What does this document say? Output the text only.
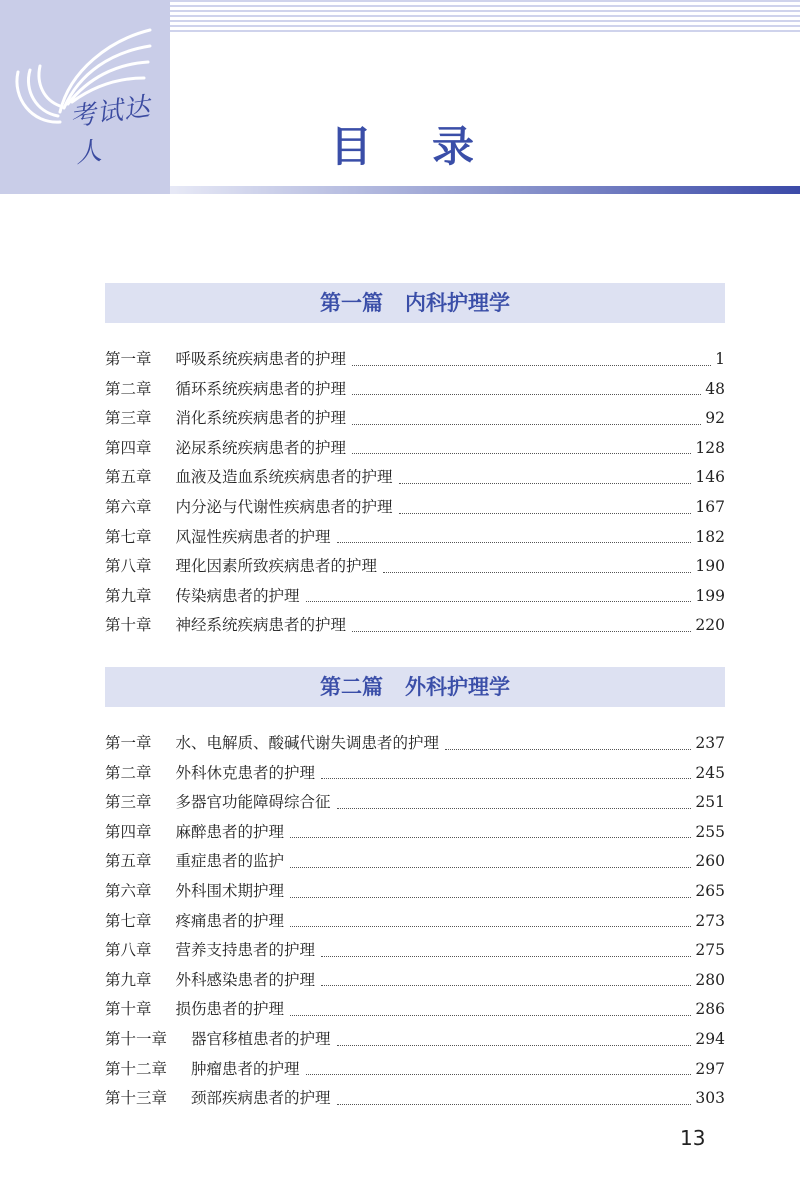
考试达人	目录
第一篇 内科护理学
第一章 呼吸系统疾病患者的护理	1
第二章 循环系统疾病患者的护理	48
第三章 消化系统疾病患者的护理	92
第四章 泌尿系统疾病患者的护理	128
第五章 血液及造血系统疾病患者的护理	146
第六章 内分泌与代谢性疾病患者的护理	167
第七章 风湿性疾病患者的护理	182
第八章 理化因素所致疾病患者的护理	190
第九章 传染病患者的护理	199
第十章 神经系统疾病患者的护理	220
第二篇 外科护理学
第一章 水、电解质、酸碱代谢失调患者的护理	237
第二章 外科休克患者的护理	245
第三章 多器官功能障碍综合征	251
第四章 麻醉患者的护理	255
第五章 重症患者的监护	260
第六章 外科围术期护理	265
第七章 疼痛患者的护理	273
第八章 营养支持患者的护理	275
第九章 外科感染患者的护理	280
第十章 损伤患者的护理	286
第十一章 器官移植患者的护理	294
第十二章 肿瘤患者的护理	297
第十三章 颈部疾病患者的护理	303
13
